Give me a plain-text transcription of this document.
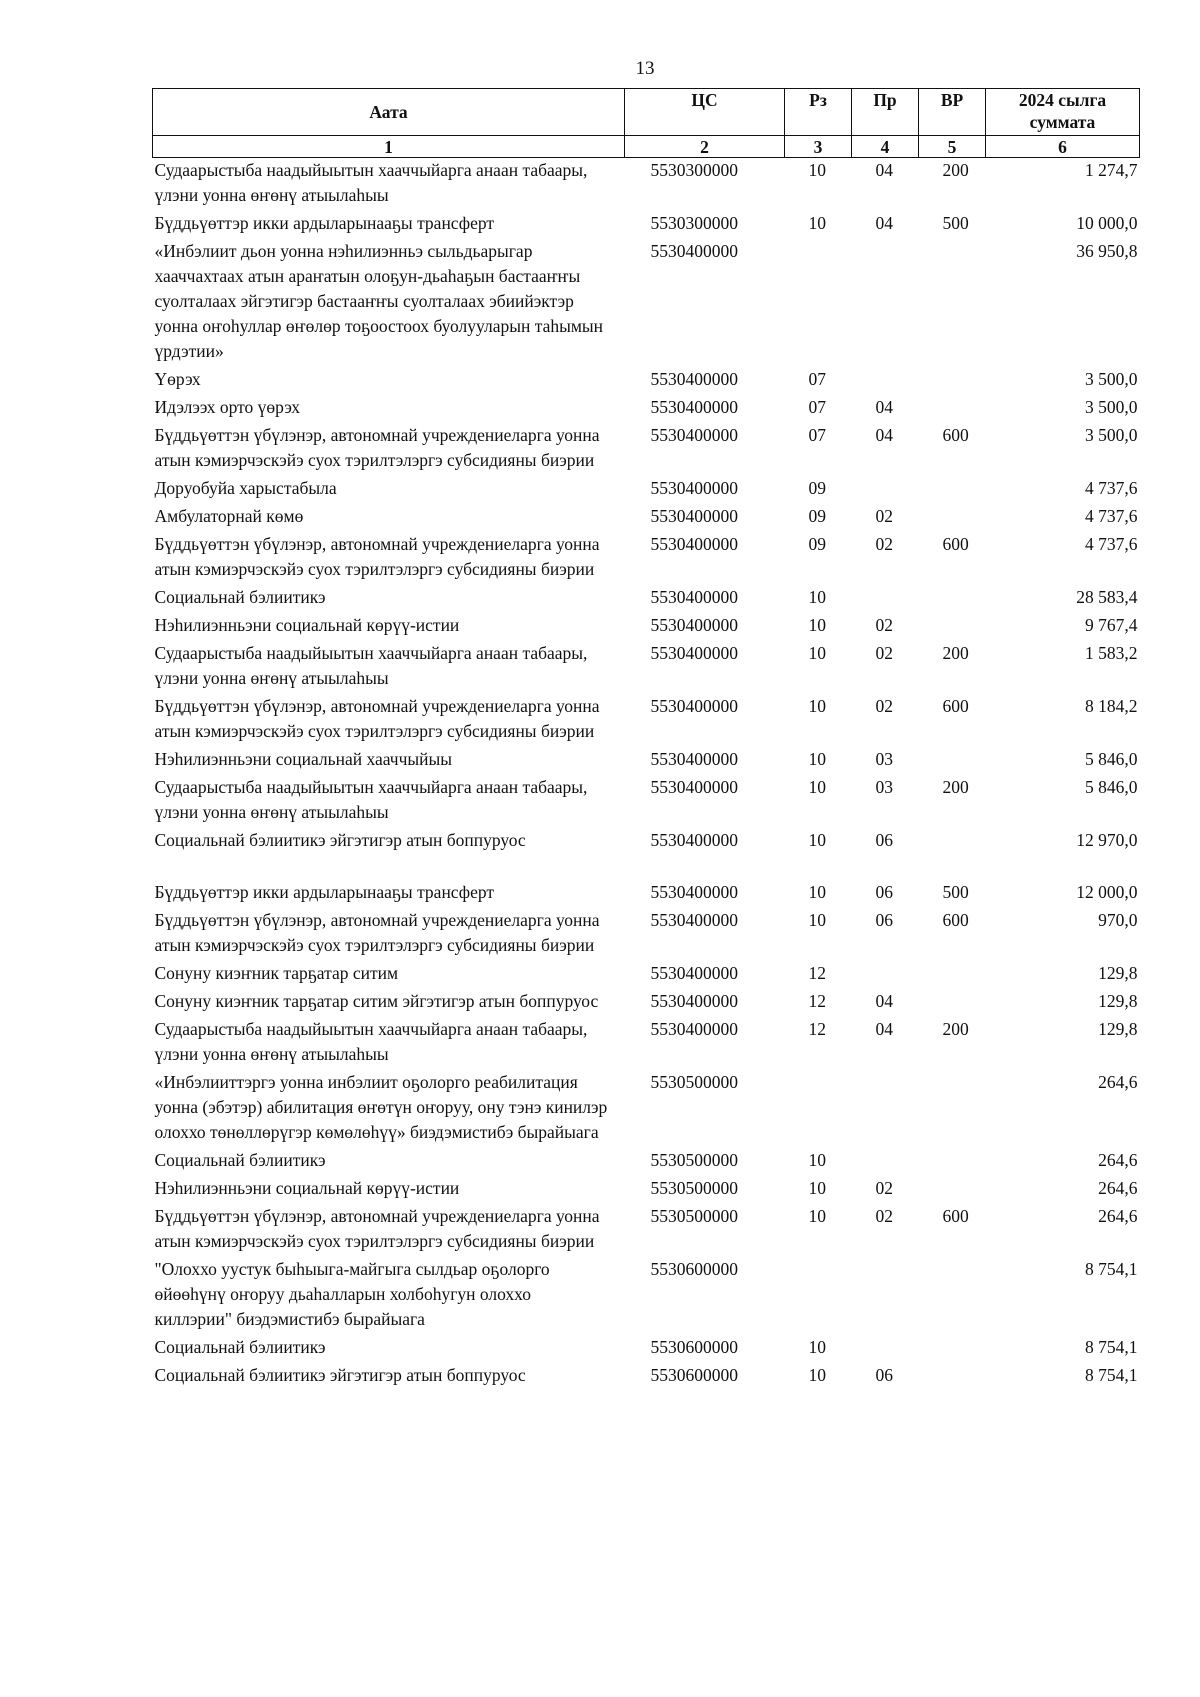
13
Аата	ЦС	Рз	Пр	ВР	2024 сылга суммата
1	2	3	4	5	6
Судаарыстыба наадыйыытын хааччыйарга анаан табаары, үлэни уонна өҥөнү атыылаһыы	5530300000	10	04	200	1 274,7
Бүддьүөттэр икки ардыларынааҕы трансферт	5530300000	10	04	500	10 000,0
«Инбэлиит дьон уонна нэһилиэнньэ сыльдьарыгар хааччахтаах атын араҥатын олоҕун-дьаһаҕын бастааҥҥы суолталаах эйгэтигэр бастааҥҥы суолталаах эбиийэктэр уонна оҥоһуллар өҥөлөр тоҕоостоох буолууларын таһымын үрдэтии»	5530400000				36 950,8
Үөрэх	5530400000	07			3 500,0
Идэлээх орто үөрэх	5530400000	07	04		3 500,0
Бүддьүөттэн үбүлэнэр, автономнай учреждениеларга уонна атын кэмиэрчэскэйэ суох тэрилтэлэргэ субсидияны биэрии	5530400000	07	04	600	3 500,0
Доруобуйа харыстабыла	5530400000	09			4 737,6
Амбулаторнай көмө	5530400000	09	02		4 737,6
Бүддьүөттэн үбүлэнэр, автономнай учреждениеларга уонна атын кэмиэрчэскэйэ суох тэрилтэлэргэ субсидияны биэрии	5530400000	09	02	600	4 737,6
Социальнай бэлиитикэ	5530400000	10			28 583,4
Нэһилиэнньэни социальнай көрүү-истии	5530400000	10	02		9 767,4
Судаарыстыба наадыйыытын хааччыйарга анаан табаары, үлэни уонна өҥөнү атыылаһыы	5530400000	10	02	200	1 583,2
Бүддьүөттэн үбүлэнэр, автономнай учреждениеларга уонна атын кэмиэрчэскэйэ суох тэрилтэлэргэ субсидияны биэрии	5530400000	10	02	600	8 184,2
Нэһилиэнньэни социальнай хааччыйыы	5530400000	10	03		5 846,0
Судаарыстыба наадыйыытын хааччыйарга анаан табаары, үлэни уонна өҥөнү атыылаһыы	5530400000	10	03	200	5 846,0
Социальнай бэлиитикэ эйгэтигэр атын боппуруос	5530400000	10	06		12 970,0
Бүддьүөттэр икки ардыларынааҕы трансферт	5530400000	10	06	500	12 000,0
Бүддьүөттэн үбүлэнэр, автономнай учреждениеларга уонна атын кэмиэрчэскэйэ суох тэрилтэлэргэ субсидияны биэрии	5530400000	10	06	600	970,0
Сонуну киэҥник тарҕатар ситим	5530400000	12			129,8
Сонуну киэҥник тарҕатар ситим эйгэтигэр атын боппуруос	5530400000	12	04		129,8
Судаарыстыба наадыйыытын хааччыйарга анаан табаары, үлэни уонна өҥөнү атыылаһыы	5530400000	12	04	200	129,8
«Инбэлииттэргэ уонна инбэлиит оҕолорго реабилитация уонна (эбэтэр) абилитация өҥөтүн оҥоруу, ону тэнэ кинилэр олоххо төнөллөрүгэр көмөлөһүү» биэдэмистибэ бырайыага	5530500000				264,6
Социальнай бэлиитикэ	5530500000	10			264,6
Нэһилиэнньэни социальнай көрүү-истии	5530500000	10	02		264,6
Бүддьүөттэн үбүлэнэр, автономнай учреждениеларга уонна атын кэмиэрчэскэйэ суох тэрилтэлэргэ субсидияны биэрии	5530500000	10	02	600	264,6
"Олоххо уустук быһыыга-майгыга сылдьар оҕолорго өйөөһүнү оҥоруу дьаһалларын холбоһугун олоххо киллэрии" биэдэмистибэ бырайыага	5530600000				8 754,1
Социальнай бэлиитикэ	5530600000	10			8 754,1
Социальнай бэлиитикэ эйгэтигэр атын боппуруос	5530600000	10	06		8 754,1
